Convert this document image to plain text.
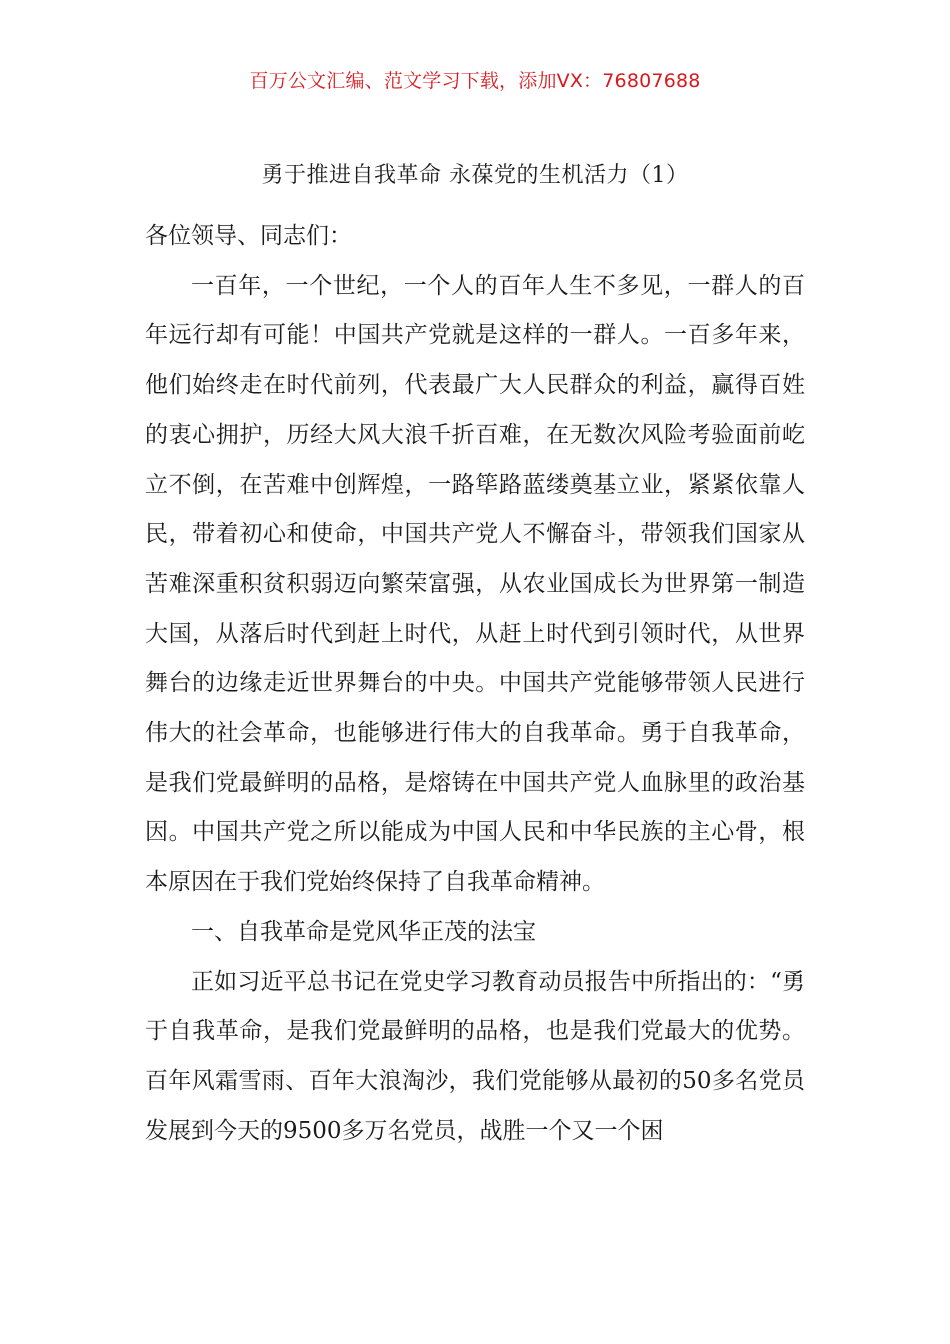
百万公文汇编、范文学习下载，添加VX：76807688
勇于推进自我革命 永葆党的生机活力（1）

各位领导、同志们：

一百年，一个世纪，一个人的百年人生不多见，一群人的百年远行却有可能！中国共产党就是这样的一群人。一百多年来，他们始终走在时代前列，代表最广大人民群众的利益，赢得百姓的衷心拥护，历经大风大浪千折百难，在无数次风险考验面前屹立不倒，在苦难中创辉煌，一路筚路蓝缕奠基立业，紧紧依靠人民，带着初心和使命，中国共产党人不懈奋斗，带领我们国家从苦难深重积贫积弱迈向繁荣富强，从农业国成长为世界第一制造大国，从落后时代到赶上时代，从赶上时代到引领时代，从世界舞台的边缘走近世界舞台的中央。中国共产党能够带领人民进行伟大的社会革命，也能够进行伟大的自我革命。勇于自我革命，是我们党最鲜明的品格，是熔铸在中国共产党人血脉里的政治基因。中国共产党之所以能成为中国人民和中华民族的主心骨，根本原因在于我们党始终保持了自我革命精神。

一、自我革命是党风华正茂的法宝

正如习近平总书记在党史学习教育动员报告中所指出的：“勇于自我革命，是我们党最鲜明的品格，也是我们党最大的优势。百年风霜雪雨、百年大浪淘沙，我们党能够从最初的50多名党员发展到今天的9500多万名党员，战胜一个又一个困
